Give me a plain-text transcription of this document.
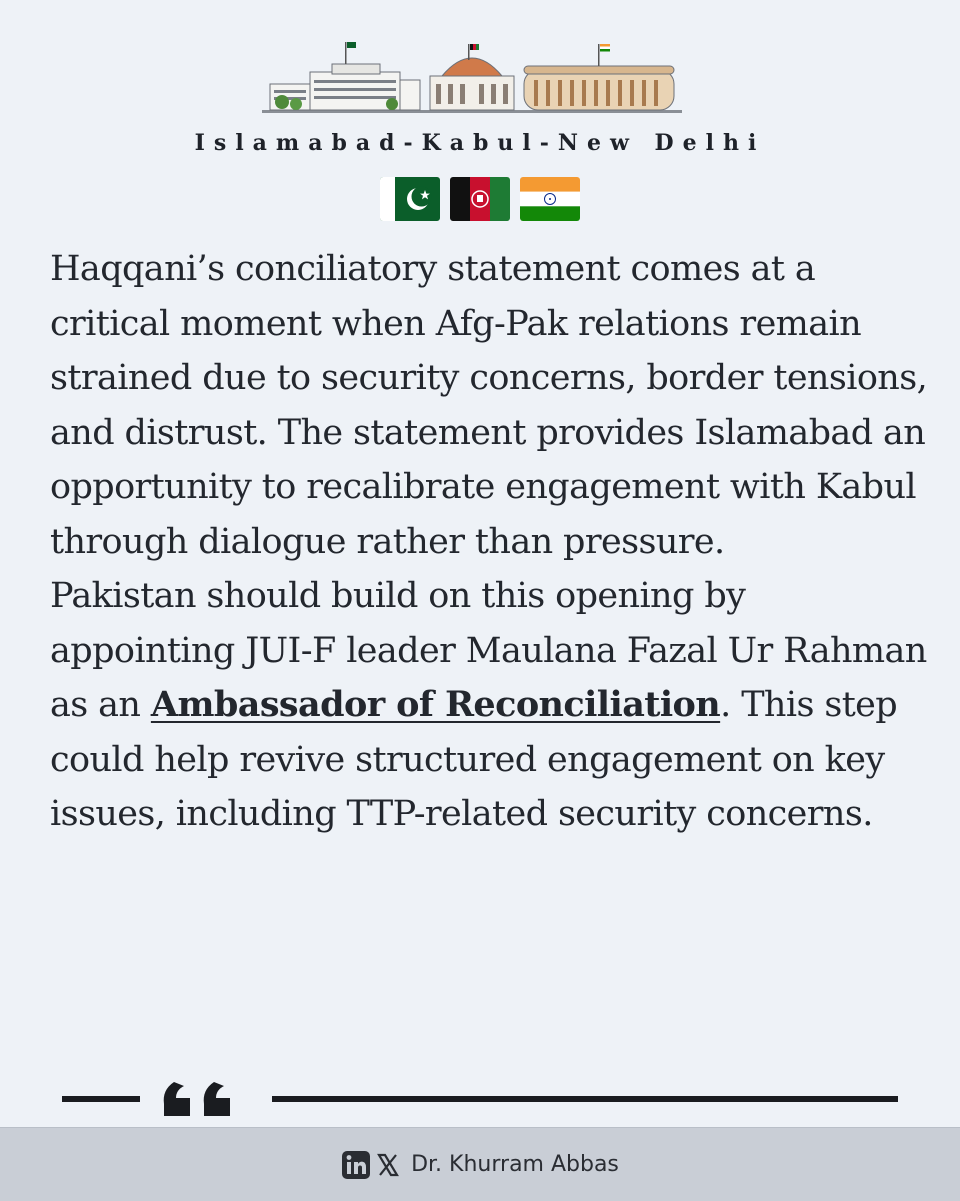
Islamabad-Kabul-New Delhi

Haqqani’s conciliatory statement comes at a critical moment when Afg-Pak relations remain strained due to security concerns, border tensions, and distrust. The statement provides Islamabad an opportunity to recalibrate engagement with Kabul through dialogue rather than pressure.

Pakistan should build on this opening by appointing JUI-F leader Maulana Fazal Ur Rahman as an Ambassador of Reconciliation. This step could help revive structured engagement on key issues, including TTP-related security concerns.

Dr. Khurram Abbas
